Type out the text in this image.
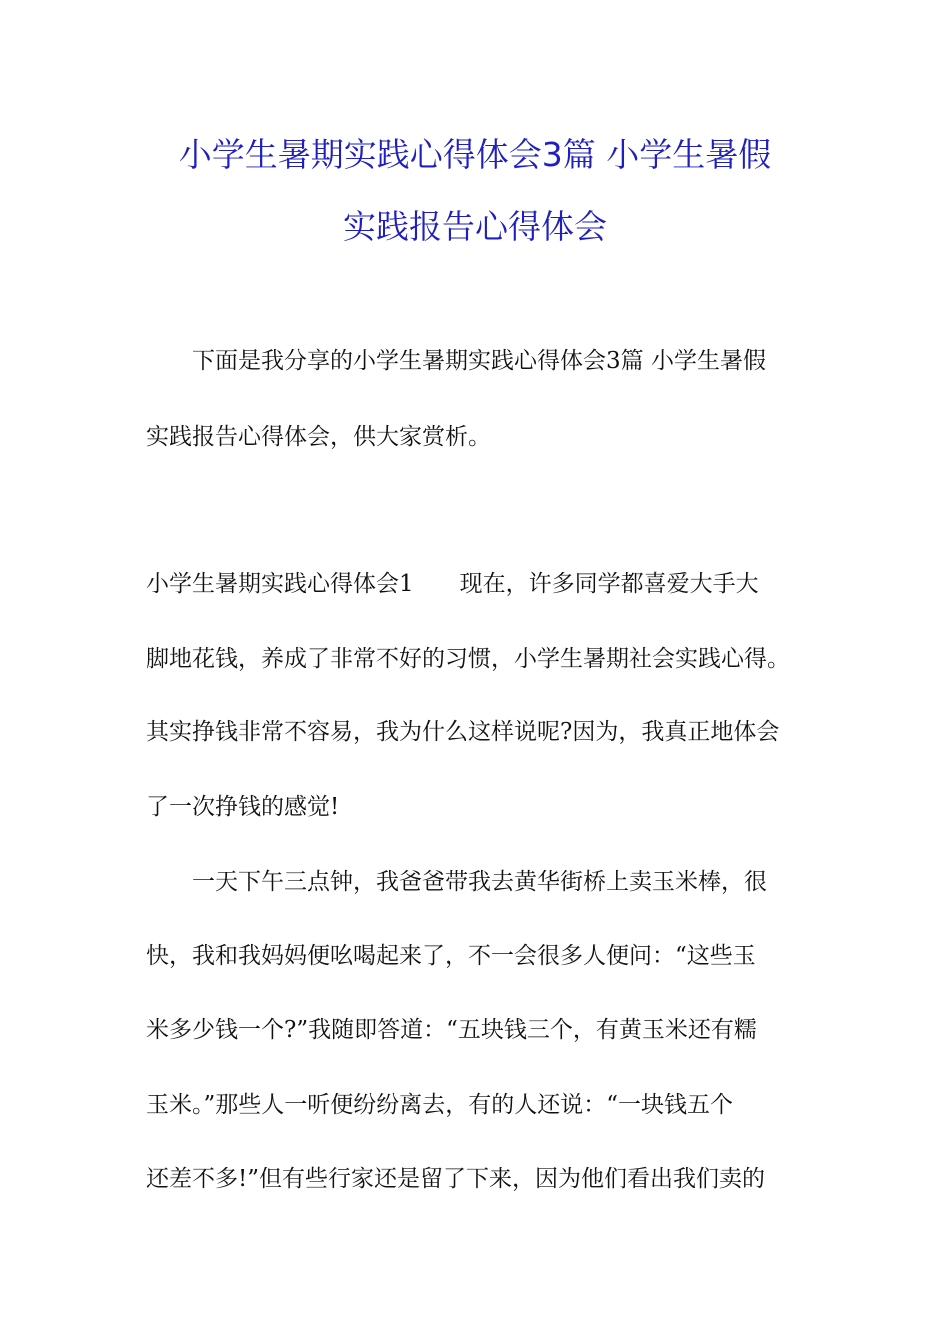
小学生暑期实践心得体会3篇 小学生暑假
实践报告心得体会
下面是我分享的小学生暑期实践心得体会3篇 小学生暑假
实践报告心得体会，供大家赏析。
小学生暑期实践心得体会1　　现在，许多同学都喜爱大手大
脚地花钱，养成了非常不好的习惯，小学生暑期社会实践心得。
其实挣钱非常不容易，我为什么这样说呢?因为，我真正地体会
了一次挣钱的感觉!
一天下午三点钟，我爸爸带我去黄华街桥上卖玉米棒，很
快，我和我妈妈便吆喝起来了，不一会很多人便问：“这些玉
米多少钱一个?”我随即答道：“五块钱三个，有黄玉米还有糯
玉米。”那些人一听便纷纷离去，有的人还说：“一块钱五个
还差不多!”但有些行家还是留了下来，因为他们看出我们卖的
